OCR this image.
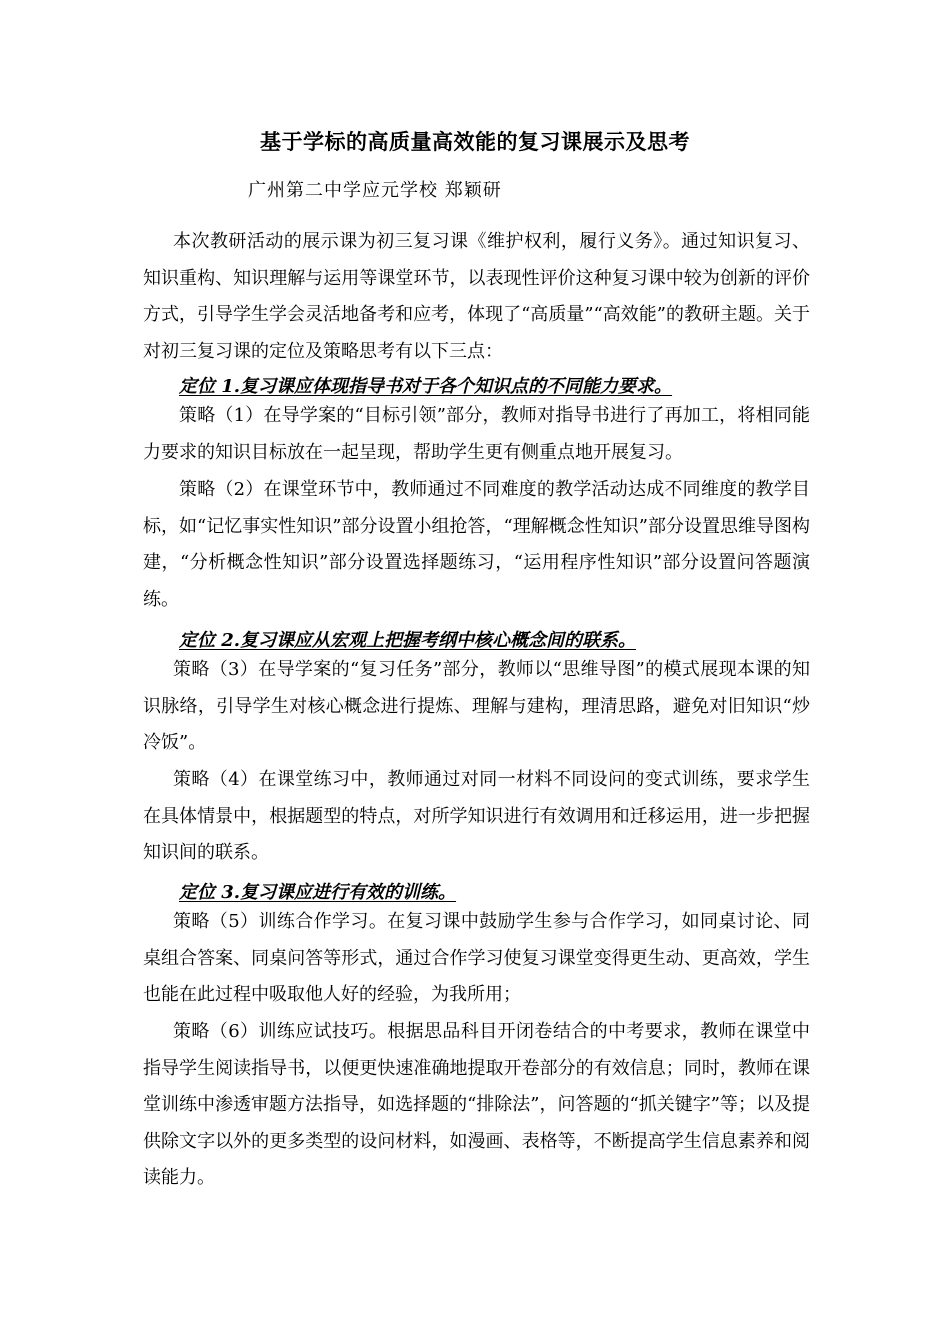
基于学标的高质量高效能的复习课展示及思考
广州第二中学应元学校 郑颖研

本次教研活动的展示课为初三复习课《维护权利，履行义务》。通过知识复习、知识重构、知识理解与运用等课堂环节，以表现性评价这种复习课中较为创新的评价方式，引导学生学会灵活地备考和应考，体现了“高质量”“高效能”的教研主题。关于对初三复习课的定位及策略思考有以下三点：

定位 1.复习课应体现指导书对于各个知识点的不同能力要求。

策略（1）在导学案的“目标引领”部分，教师对指导书进行了再加工，将相同能力要求的知识目标放在一起呈现，帮助学生更有侧重点地开展复习。

策略（2）在课堂环节中，教师通过不同难度的教学活动达成不同维度的教学目标，如“记忆事实性知识”部分设置小组抢答，“理解概念性知识”部分设置思维导图构建，“分析概念性知识”部分设置选择题练习，“运用程序性知识”部分设置问答题演练。

定位 2.复习课应从宏观上把握考纲中核心概念间的联系。

策略（3）在导学案的“复习任务”部分，教师以“思维导图”的模式展现本课的知识脉络，引导学生对核心概念进行提炼、理解与建构，理清思路，避免对旧知识“炒冷饭”。

策略（4）在课堂练习中，教师通过对同一材料不同设问的变式训练，要求学生在具体情景中，根据题型的特点，对所学知识进行有效调用和迁移运用，进一步把握知识间的联系。

定位 3.复习课应进行有效的训练。

策略（5）训练合作学习。在复习课中鼓励学生参与合作学习，如同桌讨论、同桌组合答案、同桌问答等形式，通过合作学习使复习课堂变得更生动、更高效，学生也能在此过程中吸取他人好的经验，为我所用；

策略（6）训练应试技巧。根据思品科目开闭卷结合的中考要求，教师在课堂中指导学生阅读指导书，以便更快速准确地提取开卷部分的有效信息；同时，教师在课堂训练中渗透审题方法指导，如选择题的“排除法”，问答题的“抓关键字”等；以及提供除文字以外的更多类型的设问材料，如漫画、表格等，不断提高学生信息素养和阅读能力。
